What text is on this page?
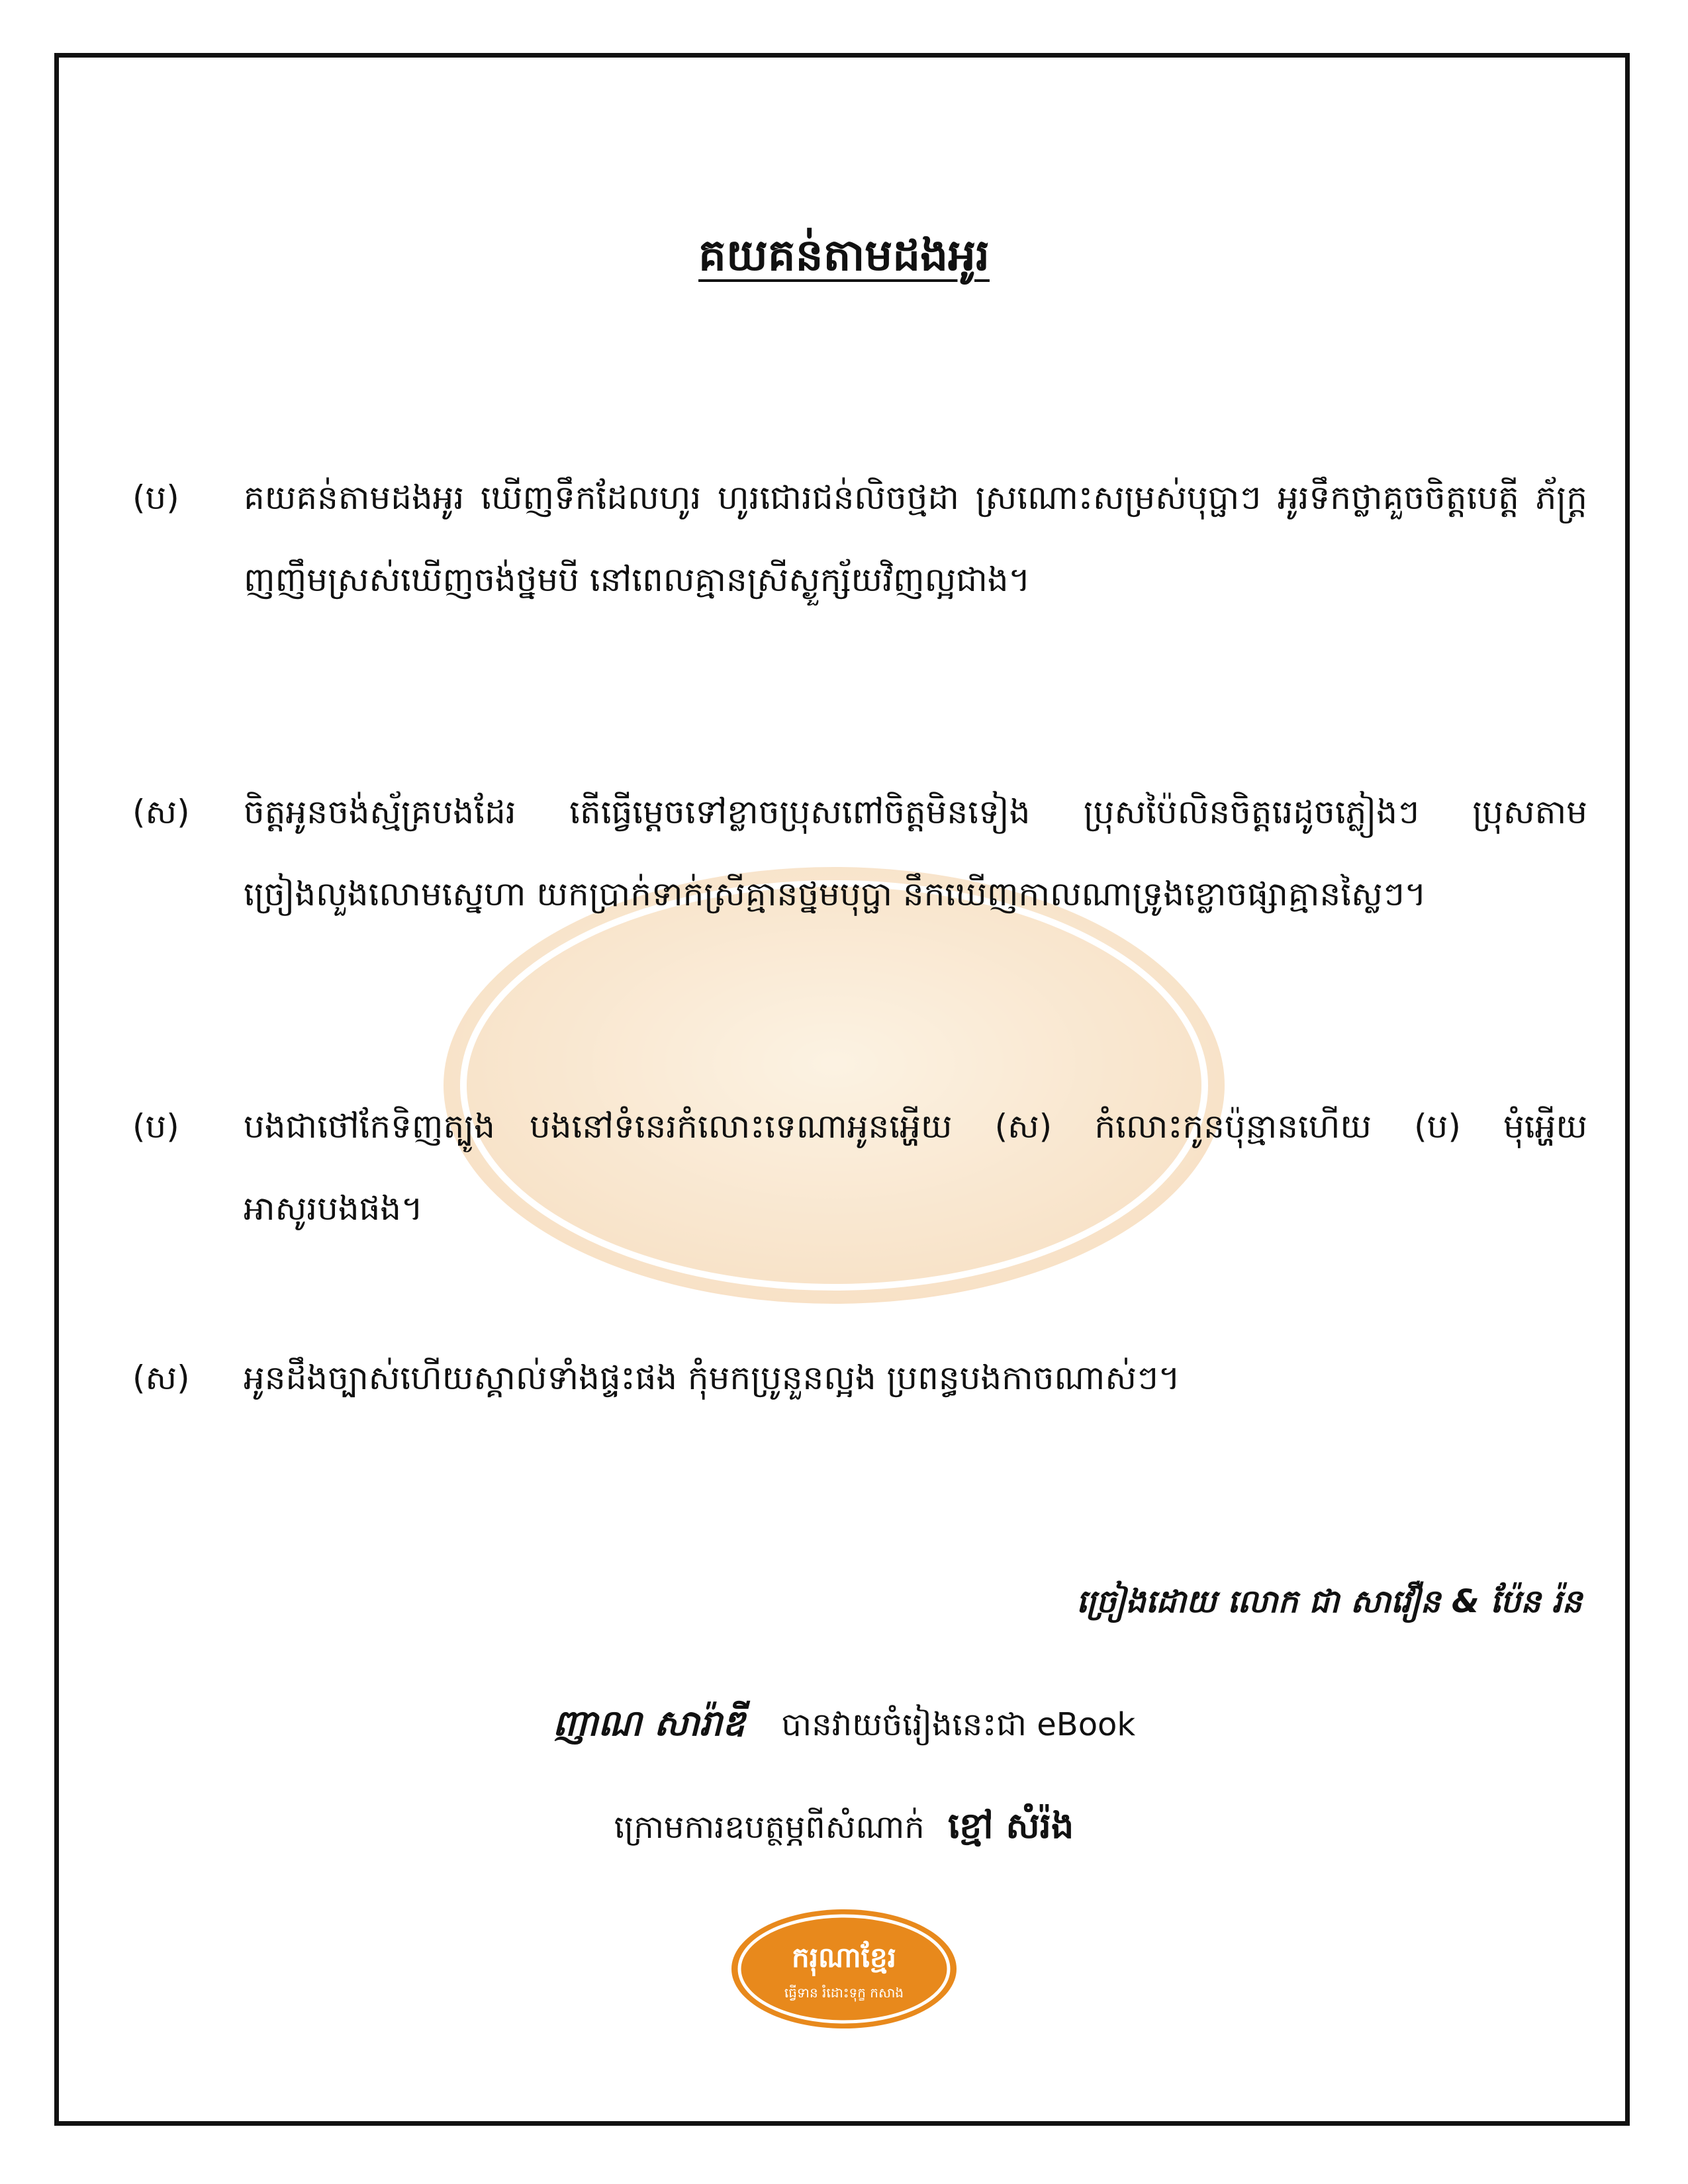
គយគន់តាមដងអូរ
(ប)	គយគន់តាមដងអូរ ឃើញទឹកដែលហូរ ហូរជោរជន់លិចថ្មដា ស្រណោះសម្រស់បុប្ផាៗ អូរទឹកថ្លាគួចចិត្តបេតី្ត ភ័ក្រ្តញញឹមស្រស់ឃើញចង់ថ្នមបី នៅពេលគ្មានស្រីស្ងួក្ស័យវិញល្អជាង។
(ស)	ចិត្តអូនចង់ស្ម័គ្របងដែរ តើធ្វើម្ដេចទៅខ្លាចប្រុសពៅចិត្តមិនទៀង ប្រុសប៉ៃលិនចិត្តរេដូចភ្លៀងៗ ប្រុសតាមច្រៀងលួងលោមស្នេហា យកប្រាក់ទាក់ស្រីគ្មានថ្នមបុប្ផា នឹកឃើញកាលណាទ្រូងខ្លោចផ្សាគ្មានស្លៃៗ។
(ប)	បងជាថៅកែទិញត្បូង បងនៅទំនេរកំលោះទេណាអូនអ្ហើយ (ស) កំលោះកូនប៉ុន្មានហើយ (ប) មុំអ្ហើយអាសូរបងផង។
(ស)	អូនដឹងច្បាស់ហើយស្គាល់ទាំងផ្ទះផង កុំមកប្រូនួនល្អង ប្រពន្ធបងកាចណាស់ៗ។
ច្រៀងដោយ លោក ជា សាវឿន & ប៉ែន រ៉ន
ញាណ សារ៉ាឌី បានវាយចំរៀងនេះជា eBook
ក្រោមការឧបត្ថម្ភពីសំណាក់ ខ្មៅ សំរ៉ង
ករុណាខ្មែរ
ធ្វើទាន រំដោះទុក្ខ កសាង
